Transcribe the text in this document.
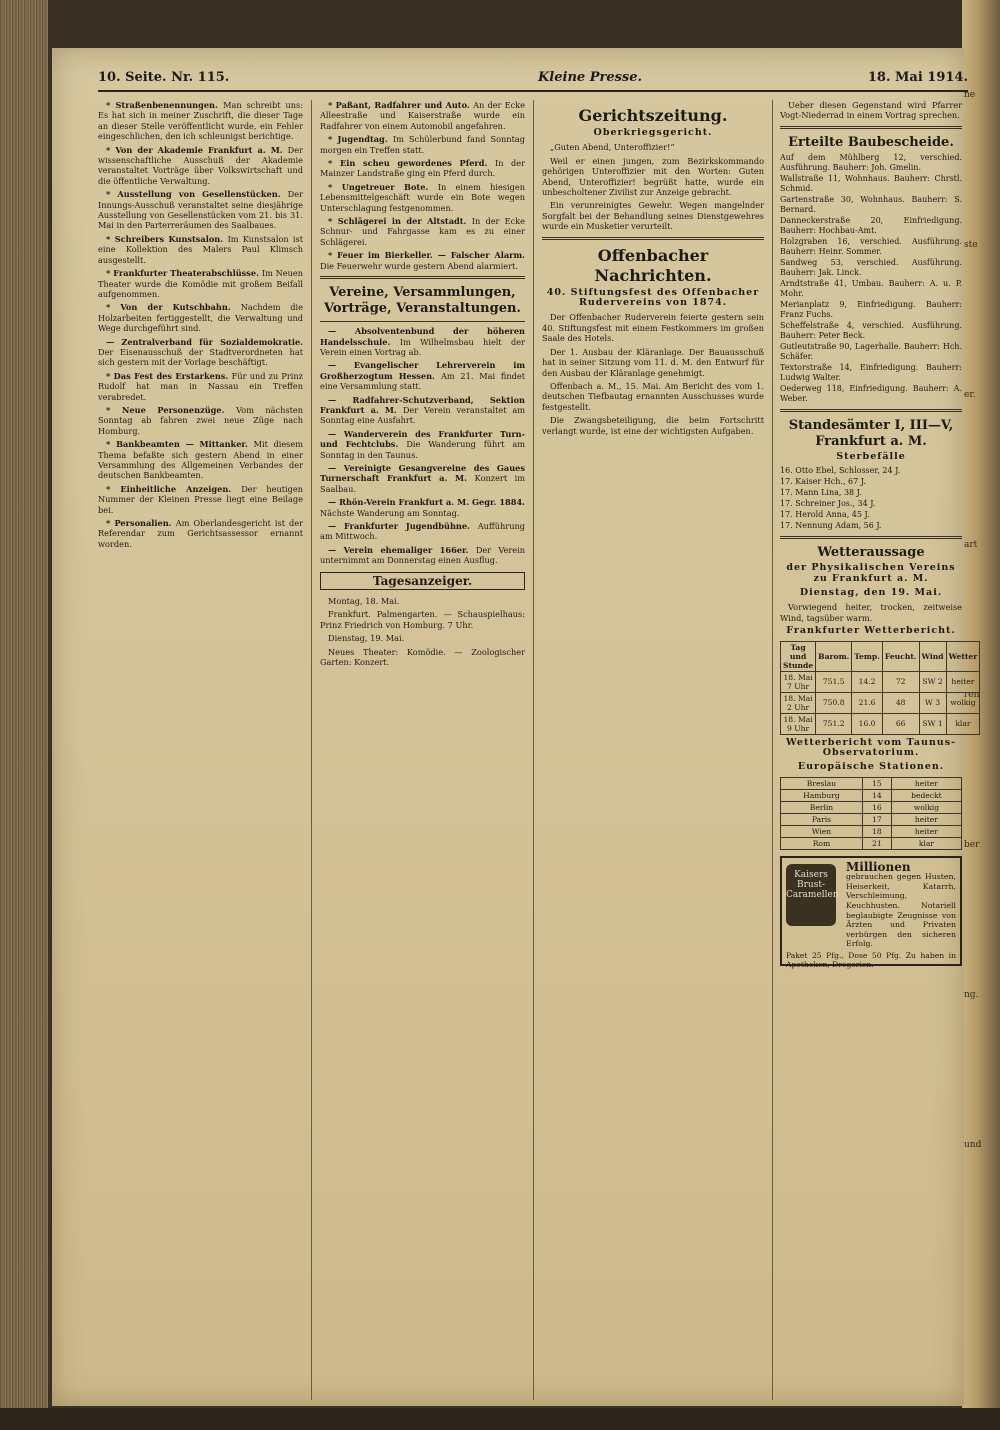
ne
ste
er.
art
ren
ber
ng.
und
10. Seite. Nr. 115.	Kleine Presse.	18. Mai 1914.

* Straßenbenennungen. Man schreibt uns: Es hat sich in meiner Zuschrift, die dieser Tage an dieser Stelle veröffentlicht wurde, ein Fehler eingeschlichen, den ich schleunigst berichtige.

* Von der Akademie Frankfurt a. M. Der wissenschaftliche Ausschuß der Akademie veranstaltet Vorträge über Volkswirtschaft und die öffentliche Verwaltung.

* Ausstellung von Gesellenstücken. Der Innungs-Ausschuß veranstaltet seine diesjährige Ausstellung von Gesellenstücken vom 21. bis 31. Mai in den Parterreräumen des Saalbaues.

* Schreibers Kunstsalon. Im Kunstsalon ist eine Kollektion des Malers Paul Klimsch ausgestellt.

* Frankfurter Theaterabschlüsse. Im Neuen Theater wurde die Komödie mit großem Beifall aufgenommen.

* Von der Kutschbahn. Nachdem die Holzarbeiten fertiggestellt, die Verwaltung und Wege durchgeführt sind.

— Zentralverband für Sozialdemokratie. Der Eisenausschuß der Stadtverordneten hat sich gestern mit der Vorlage beschäftigt.

* Das Fest des Erstarkens. Für und zu Prinz Rudolf hat man in Nassau ein Treffen verabredet.

* Neue Personenzüge. Vom nächsten Sonntag ab fahren zwei neue Züge nach Homburg.

* Bankbeamten — Mittanker. Mit diesem Thema befaßte sich gestern Abend in einer Versammlung des Allgemeinen Verbandes der deutschen Bankbeamten.

* Einheitliche Anzeigen. Der heutigen Nummer der Kleinen Presse liegt eine Beilage bei.

* Personalien. Am Oberlandesgericht ist der Referendar zum Gerichtsassessor ernannt worden.

* Paßant, Radfahrer und Auto. An der Ecke Alleestraße und Kaiserstraße wurde ein Radfahrer von einem Automobil angefahren.

* Jugendtag. Im Schülerbund fand Sonntag morgen ein Treffen statt.

* Ein scheu gewordenes Pferd. In der Mainzer Landstraße ging ein Pferd durch.

* Ungetreuer Bote. In einem hiesigen Lebensmittelgeschäft wurde ein Bote wegen Unterschlagung festgenommen.

* Schlägerei in der Altstadt. In der Ecke Schnur- und Fahrgasse kam es zu einer Schlägerei.

* Feuer im Bierkeller. — Falscher Alarm. Die Feuerwehr wurde gestern Abend alarmiert.

Vereine, Versammlungen, Vorträge, Veranstaltungen.

— Absolventenbund der höheren Handelsschule. Im Wilhelmsbau hielt der Verein einen Vortrag ab.

— Evangelischer Lehrerverein im Großherzogtum Hessen. Am 21. Mai findet eine Versammlung statt.

— Radfahrer-Schutzverband, Sektion Frankfurt a. M. Der Verein veranstaltet am Sonntag eine Ausfahrt.

— Wanderverein des Frankfurter Turn- und Fechtclubs. Die Wanderung führt am Sonntag in den Taunus.

— Vereinigte Gesangvereine des Gaues Turnerschaft Frankfurt a. M. Konzert im Saalbau.

— Rhön-Verein Frankfurt a. M. Gegr. 1884. Nächste Wanderung am Sonntag.

— Frankfurter Jugendbühne. Aufführung am Mittwoch.

— Verein ehemaliger 166er. Der Verein unternimmt am Donnerstag einen Ausflug.

Tagesanzeiger.

Montag, 18. Mai.

Frankfurt. Palmengarten. — Schauspielhaus: Prinz Friedrich von Homburg. 7 Uhr.

Dienstag, 19. Mai.

Neues Theater: Komödie. — Zoologischer Garten: Konzert.

Gerichtszeitung.
Oberkriegsgericht.

„Guten Abend, Unteroffizier!“

Weil er einen jungen, zum Bezirkskommando gehörigen Unteroffizier mit den Worten: Guten Abend, Unteroffizier! begrüßt hatte, wurde ein unbescholtener Zivilist zur Anzeige gebracht.

Ein verunreinigtes Gewehr. Wegen mangelnder Sorgfalt bei der Behandlung seines Dienstgewehres wurde ein Musketier verurteilt.

Offenbacher Nachrichten.
40. Stiftungsfest des Offenbacher Rudervereins von 1874.

Der Offenbacher Ruderverein feierte gestern sein 40. Stiftungsfest mit einem Festkommers im großen Saale des Hotels.

Der 1. Ausbau der Kläranlage. Der Bauausschuß hat in seiner Sitzung vom 11. d. M. den Entwurf für den Ausbau der Kläranlage genehmigt.

Offenbach a. M., 15. Mai. Am Bericht des vom 1. deutschen Tiefbautag ernannten Ausschusses wurde festgestellt.

Die Zwangsbeteiligung, die beim Fortschritt verlangt wurde, ist eine der wichtigsten Aufgaben.

Ueber diesen Gegenstand wird Pfarrer Vogt-Niederrad in einem Vortrag sprechen.

Erteilte Baubescheide.
Auf dem Mühlberg 12, verschied. Ausführung. Bauherr: Joh. Gmelin.
Wallstraße 11, Wohnhaus. Bauherr: Chrstl. Schmid.
Gartenstraße 30, Wohnhaus. Bauherr: S. Bernard.
Danneckerstraße 20, Einfriedigung. Bauherr: Hochbau-Amt.
Holzgraben 16, verschied. Ausführung. Bauherr: Heinr. Sommer.
Sandweg 53, verschied. Ausführung. Bauherr: Jak. Linck.
Arndtstraße 41, Umbau. Bauherr: A. u. P. Mohr.
Merianplatz 9, Einfriedigung. Bauherr: Franz Fuchs.
Scheffelstraße 4, verschied. Ausführung. Bauherr: Peter Beck.
Gutleutstraße 90, Lagerhalle. Bauherr: Hch. Schäfer.
Textorstraße 14, Einfriedigung. Bauherr: Ludwig Walter.
Oederweg 118, Einfriedigung. Bauherr: A. Weber.
Standesämter I, III—V, Frankfurt a. M.
Sterbefälle
16. Otto Ebel, Schlosser, 24 J.
17. Kaiser Hch., 67 J.
17. Mann Lina, 38 J.
17. Schreiner Jos., 34 J.
17. Herold Anna, 45 J.
17. Nennung Adam, 56 J.
Wetteraussage
der Physikalischen Vereins zu Frankfurt a. M.
Dienstag, den 19. Mai.

Vorwiegend heiter, trocken, zeitweise Wind, tagsüber warm.

Frankfurter Wetterbericht.
Tag und Stunde	Barom.	Temp.	Feucht.	Wind	Wetter
18. Mai 7 Uhr	751.5	14.2	72	SW 2	heiter
18. Mai 2 Uhr	750.8	21.6	48	W 3	wolkig
18. Mai 9 Uhr	751.2	16.0	66	SW 1	klar
Wetterbericht vom Taunus-Observatorium.
Europäische Stationen.
Breslau	15	heiter
Hamburg	14	bedeckt
Berlin	16	wolkig
Paris	17	heiter
Wien	18	heiter
Rom	21	klar
Kaisers Brust-Caramellen
Millionen
gebrauchen gegen Husten, Heiserkeit, Katarrh, Verschleimung, Keuchhusten. Notariell beglaubigte Zeugnisse von Ärzten und Privaten verbürgen den sicheren Erfolg.
Paket 25 Pfg., Dose 50 Pfg. Zu haben in Apotheken, Drogerien.
